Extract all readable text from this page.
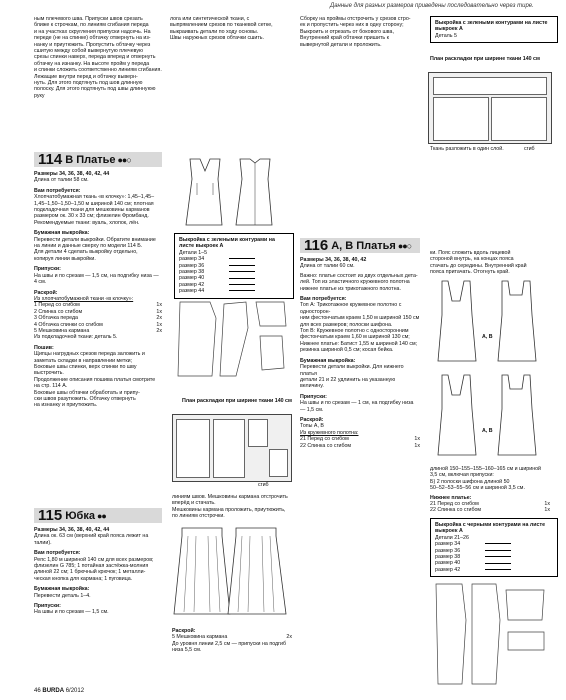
Данные для разных размеров приведены последовательно через тире.
ным плечевого шва. Припуски швов срезать
ближе к строчкам, по линиям сгибания переда
и на участках скругления припуски надсечь. На
переде (не на спинке) обтачку отвернуть на из-
нанку и приутюжить. Пропустить обтачку через
сшитую между собой вывернутую плечевую
срезы спинки наверх, переда вперед и отвернуть
обтачку на изнанку. На высоте пройм у переда
и спинки сложить соответственно линиям сгибания.
Лежащие внутри перед и обтачку выверн-
нуть. Для этого подтянуть под шов длинную
полоску. Для этого подтянуть под швы длиннуюю руку
114 В Платье ●●○
Размеры 34, 36, 38, 40, 42, 44
Длина от талии 58 см.
Вам потребуется:
Хлопчатобумажная ткань «в клочку»: 1,45–1,45–
1,45–1,50–1,50–1,50 м шириной 140 см; плотная
подкладочная ткани для мешковины карманов
размером ок. 30 х 33 см; флизелин Фромбанд.
Рекомендуемые ткани: вуаль, хлопок, лён.
Бумажная выкройка:
Перевести детали выкройки. Обратите внимание
на линии и данные сверху по модели 114 Б.
Для детали 4 сделать выкройку отдельно,
копируя линии выкройки.
Припуски:
На швы и по срезам — 1,5 см, на подгибку низа — 4 см.
Раскрой:
Из хлопчатобумажной ткани «в клочку»:
1 Перед со сгибом	1x
2 Спинка со сгибом	1x
3 Обтачка переда	2x
4 Обтачка спинки со сгибом	1x
5 Мешковина кармана	2x
Из подкладочной ткани: деталь 5.
Пошив:
Щипцы нагрудных срезов переда заложить и
заметать складки в направлении метки;
Боковые швы спинки, верх спинки по шву
выстрочить.
Продолжение описания пошива платья смотрите
на стр. 114 А.
Боковые швы обтачки обработать и припу-
ски швов разутюжить. Обтачку отвернуть
на изнанку и приутюжить.
115 Юбка ●●
Размеры 34, 36, 38, 40, 42, 44
Длина ок. 63 см (верхний край пояса лежит на талии).
Вам потребуется:
Репс 1,80 м шириной 140 см для всех размеров;
флизелин G 785; 1 потайная застёжка-молния
длиной 22 см; 1 брючный крючок; 1 металли-
ческая кнопка для кармана; 1 пуговица.
Бумажная выкройка:
Перевести деталь 1–4.
Припуски:
На швы и по срезам — 1,5 см.
46 BURDA 6/2012
лога или синтетической ткани, с
выпрямлением срезов по тканевой сетке,
выкраивать детали по ходу основы.
Швы наружных срезов обтачки сшить.
Выкройка с зелеными контурами на листе выкроек А
Детали 1–5
размер 34
размер 36
размер 38
размер 40
размер 42
размер 44
План раскладки при ширине ткани 140 см
сгиб
линиям швов. Мешковины кармана отстрочить
вперёд и стачать.
Мешковины кармана проложить, приутюжить,
по линиям отстрочки.
Раскрой:
5 Мешковина кармана	2x
До уровня линии 2,5 см — припуски на подгиб низа 5,5 см.
Сборку на проймы отстрочить у срезов стро-
ек и пропустить через них в одну сторону;
Выкроить и отрезать от бокового шва,
Внутренний край обтачки пришить к
вывернутой детали и проложить.
116 А, В Платья ●●○
Размеры 34, 36, 38, 40, 42
Длина от талии 60 см.
Важно: платье состоит из двух отдельных дета-
лей. Топ из эластичного кружевного полотна
нижнее платье из трикотажного полотна.
Вам потребуется:
Топ А: Трикотажное кружевное полотно с односторон-
ним фестончатым краем 1,50 м шириной 150 см
для всех размеров; полоски шифона.
Топ В: Кружевное полотно с односторонним
фестончатым краем 1,60 м шириной 130 см;
Нижнее платье: Батист 1,55 м шириной 140 см;
резинка шириной 0,5 см; косая бейка.
Бумажная выкройка:
Перевести детали выкройки. Для нижнего платья
детали 21 и 22 удлинить на указанную величину.
Припуски:
На швы и по срезам — 1 см, на подгибку низа — 1,5 см.
Раскрой:
Топы А, В
Из кружевного полотна:
21 Перед со сгибом	1x
22 Спинка со сгибом	1x
Выкройка с зелеными контурами на листе выкроек А
Деталь 5
План раскладки при ширине ткани 140 см
Ткань разложить в один слой.	сгиб
ки. Пояс сложить вдоль лицевой
стороной внутрь, на концах пояса
стачать до середины. Внутренний край
пояса притачать. Отогнуть край.
А, В
А, В
длиной 150–155–155–160–165 см и шириной
3,5 см, включая припуски:
Б) 2 полоски шифона длиной 50
50–52–53–55–56 см и шириной 3,5 см.
Нижнее платье:
21 Перед со сгибом	1x
22 Спинка со сгибом	1x
Выкройка с черными контурами на листе выкроек А
Детали 21–26
размер 34
размер 36
размер 38
размер 40
размер 42
